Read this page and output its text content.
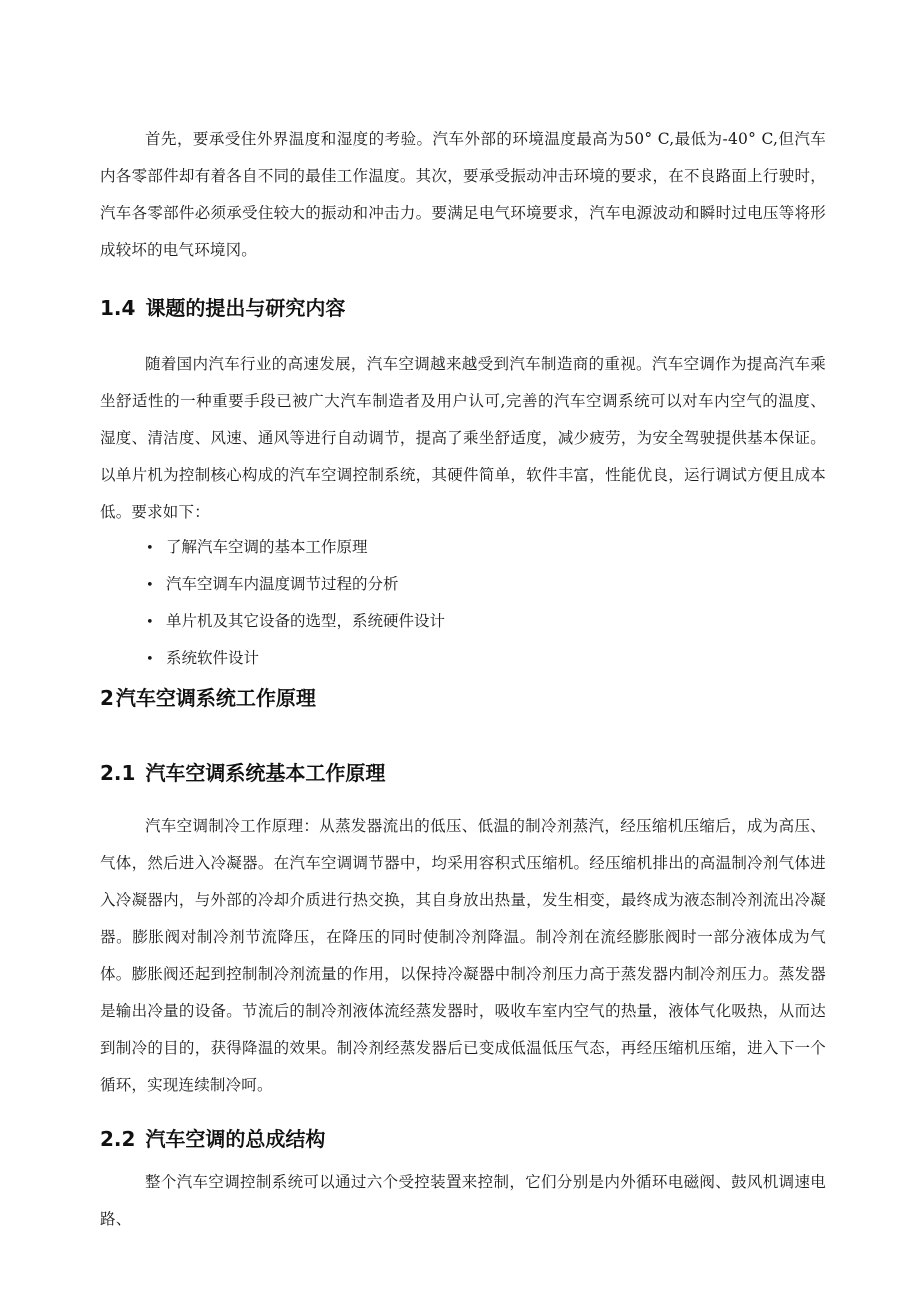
首先，要承受住外界温度和湿度的考验。汽车外部的环境温度最高为50° C,最低为-40° C,但汽车内各零部件却有着各自不同的最佳工作温度。其次，要承受振动冲击环境的要求，在不良路面上行驶时，汽车各零部件必须承受住较大的振动和冲击力。要满足电气环境要求，汽车电源波动和瞬时过电压等将形成较坏的电气环境冈。

1.4 课题的提出与研究内容

随着国内汽车行业的高速发展，汽车空调越来越受到汽车制造商的重视。汽车空调作为提高汽车乘坐舒适性的一种重要手段已被广大汽车制造者及用户认可,完善的汽车空调系统可以对车内空气的温度、湿度、清洁度、风速、通风等进行自动调节，提高了乘坐舒适度，减少疲劳，为安全驾驶提供基本保证。以单片机为控制核心构成的汽车空调控制系统，其硬件简单，软件丰富，性能优良，运行调试方便且成本低。要求如下：

• 了解汽车空调的基本工作原理
• 汽车空调车内温度调节过程的分析
• 单片机及其它设备的选型，系统硬件设计
• 系统软件设计
2 汽车空调系统工作原理
2.1 汽车空调系统基本工作原理

汽车空调制冷工作原理：从蒸发器流出的低压、低温的制冷剂蒸汽，经压缩机压缩后，成为高压、气体，然后进入冷凝器。在汽车空调调节器中，均采用容积式压缩机。经压缩机排出的高温制冷剂气体进入冷凝器内，与外部的冷却介质进行热交换，其自身放出热量，发生相变，最终成为液态制冷剂流出冷凝器。膨胀阀对制冷剂节流降压，在降压的同时使制冷剂降温。制冷剂在流经膨胀阀时一部分液体成为气体。膨胀阀还起到控制制冷剂流量的作用，以保持冷凝器中制冷剂压力高于蒸发器内制冷剂压力。蒸发器是输出冷量的设备。节流后的制冷剂液体流经蒸发器时，吸收车室内空气的热量，液体气化吸热，从而达到制冷的目的，获得降温的效果。制冷剂经蒸发器后已变成低温低压气态，再经压缩机压缩，进入下一个循环，实现连续制冷呵。

2.2 汽车空调的总成结构

整个汽车空调控制系统可以通过六个受控装置来控制，它们分别是内外循环电磁阀、鼓风机调速电路、
